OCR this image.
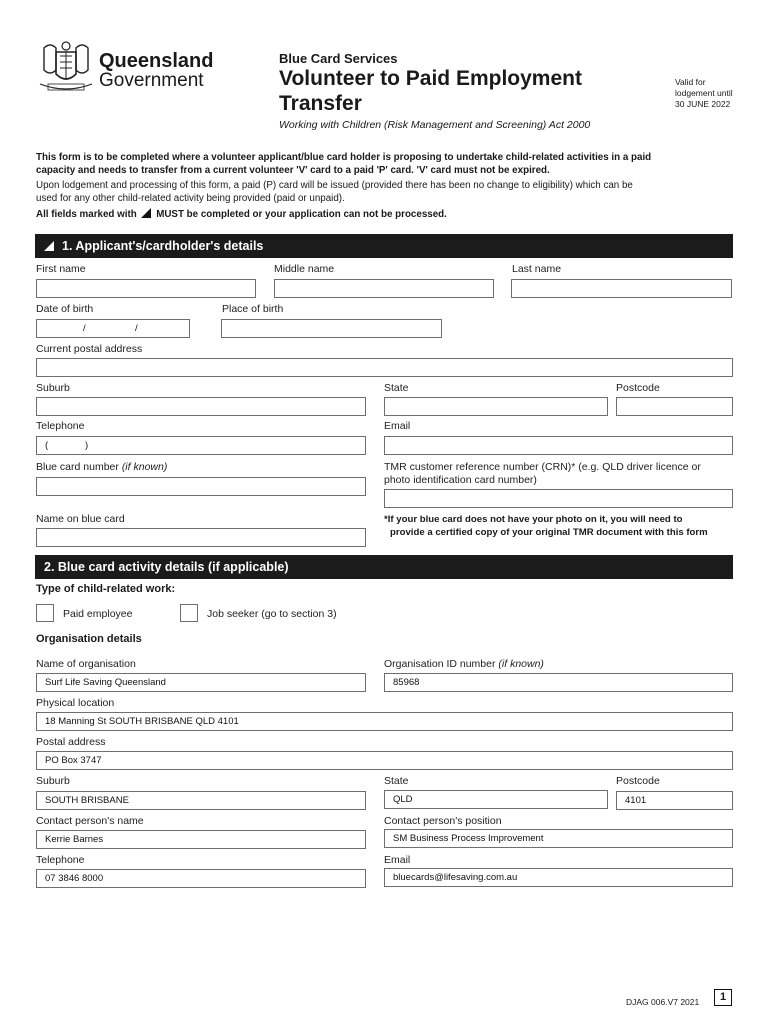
Queensland
Government
Blue Card Services
Volunteer to Paid Employment
Transfer
Valid for
lodgement until
30 JUNE 2022
Working with Children (Risk Management and Screening) Act 2000
This form is to be completed where a volunteer applicant/blue card holder is proposing to undertake child-related activities in a paid
capacity and needs to transfer from a current volunteer 'V' card to a paid 'P' card. 'V' card must not be expired.
Upon lodgement and processing of this form, a paid (P) card will be issued (provided there has been no change to eligibility) which can be
used for any other child-related activity being provided (paid or unpaid).
All fields marked with MUST be completed or your application can not be processed.
1. Applicant's/cardholder's details
First name	Middle name	Last name
Date of birth	Place of birth
/	/
Current postal address
Suburb	State	Postcode
Telephone	Email
(	)
Blue card number (if known)	TMR customer reference number (CRN)* (e.g. QLD driver licence or
photo identification card number)
Name on blue card	*If your blue card does not have your photo on it, you will need to
provide a certified copy of your original TMR document with this form
2. Blue card activity details (if applicable)
Type of child-related work:
Paid employee	Job seeker (go to section 3)
Organisation details
Name of organisation	Organisation ID number (if known)
Surf Life Saving Queensland	85968
Physical location
18 Manning St SOUTH BRISBANE QLD 4101
Postal address
PO Box 3747
Suburb	State	Postcode
SOUTH BRISBANE	QLD	4101
Contact person's name	Contact person's position
Kerrie Barnes	SM Business Process Improvement
Telephone	Email
07 3846 8000	bluecards@lifesaving.com.au
DJAG 006.V7 2021	1
